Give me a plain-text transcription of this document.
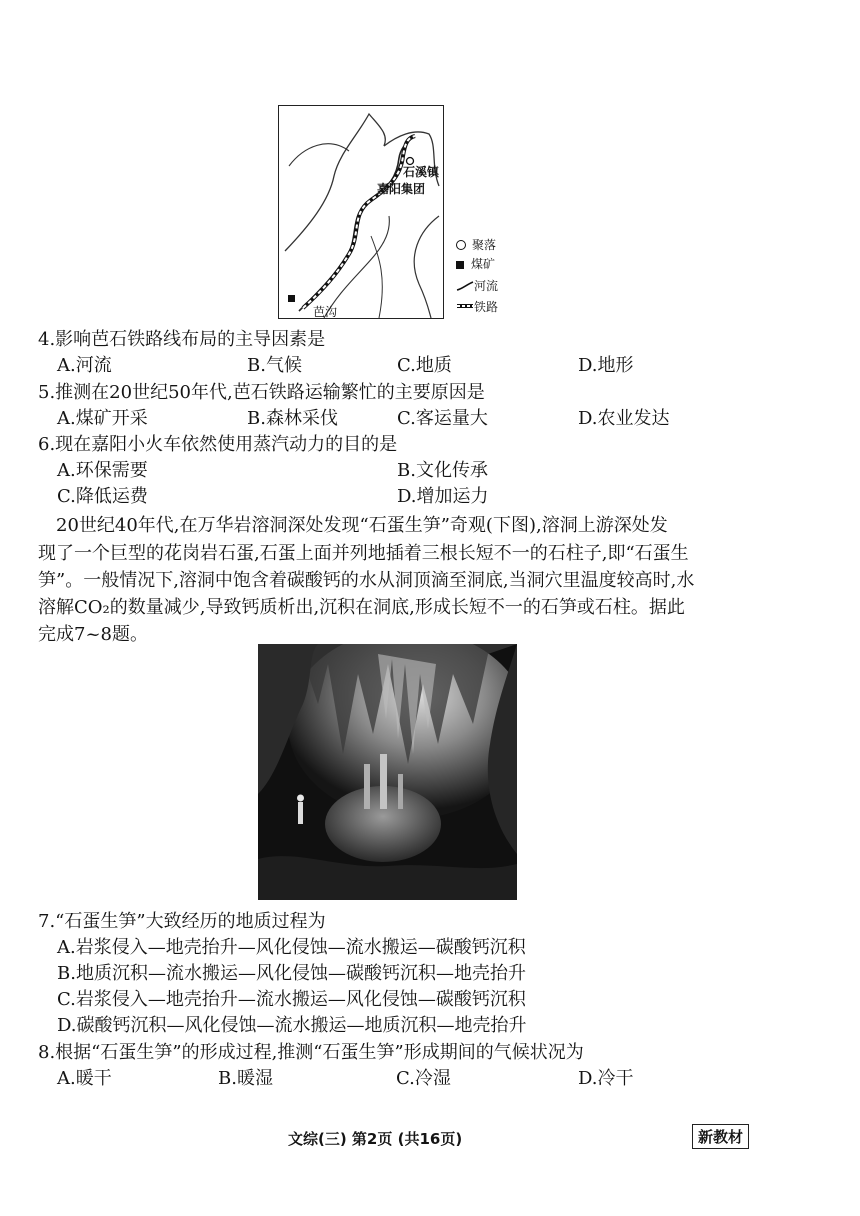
石溪镇
嘉阳集团
芭沟
聚落
煤矿
河流
铁路
4.影响芭石铁路线布局的主导因素是
A.河流	B.气候	C.地质	D.地形
5.推测在20世纪50年代,芭石铁路运输繁忙的主要原因是
A.煤矿开采	B.森林采伐	C.客运量大	D.农业发达
6.现在嘉阳小火车依然使用蒸汽动力的目的是
A.环保需要	B.文化传承
C.降低运费	D.增加运力
20世纪40年代,在万华岩溶洞深处发现“石蛋生笋”奇观(下图),溶洞上游深处发
现了一个巨型的花岗岩石蛋,石蛋上面并列地插着三根长短不一的石柱子,即“石蛋生
笋”。一般情况下,溶洞中饱含着碳酸钙的水从洞顶滴至洞底,当洞穴里温度较高时,水
溶解CO₂的数量减少,导致钙质析出,沉积在洞底,形成长短不一的石笋或石柱。据此
完成7~8题。
7.“石蛋生笋”大致经历的地质过程为
A.岩浆侵入—地壳抬升—风化侵蚀—流水搬运—碳酸钙沉积
B.地质沉积—流水搬运—风化侵蚀—碳酸钙沉积—地壳抬升
C.岩浆侵入—地壳抬升—流水搬运—风化侵蚀—碳酸钙沉积
D.碳酸钙沉积—风化侵蚀—流水搬运—地质沉积—地壳抬升
8.根据“石蛋生笋”的形成过程,推测“石蛋生笋”形成期间的气候状况为
A.暖干	B.暖湿	C.冷湿	D.冷干
文综(三) 第2页 (共16页)	新教材
